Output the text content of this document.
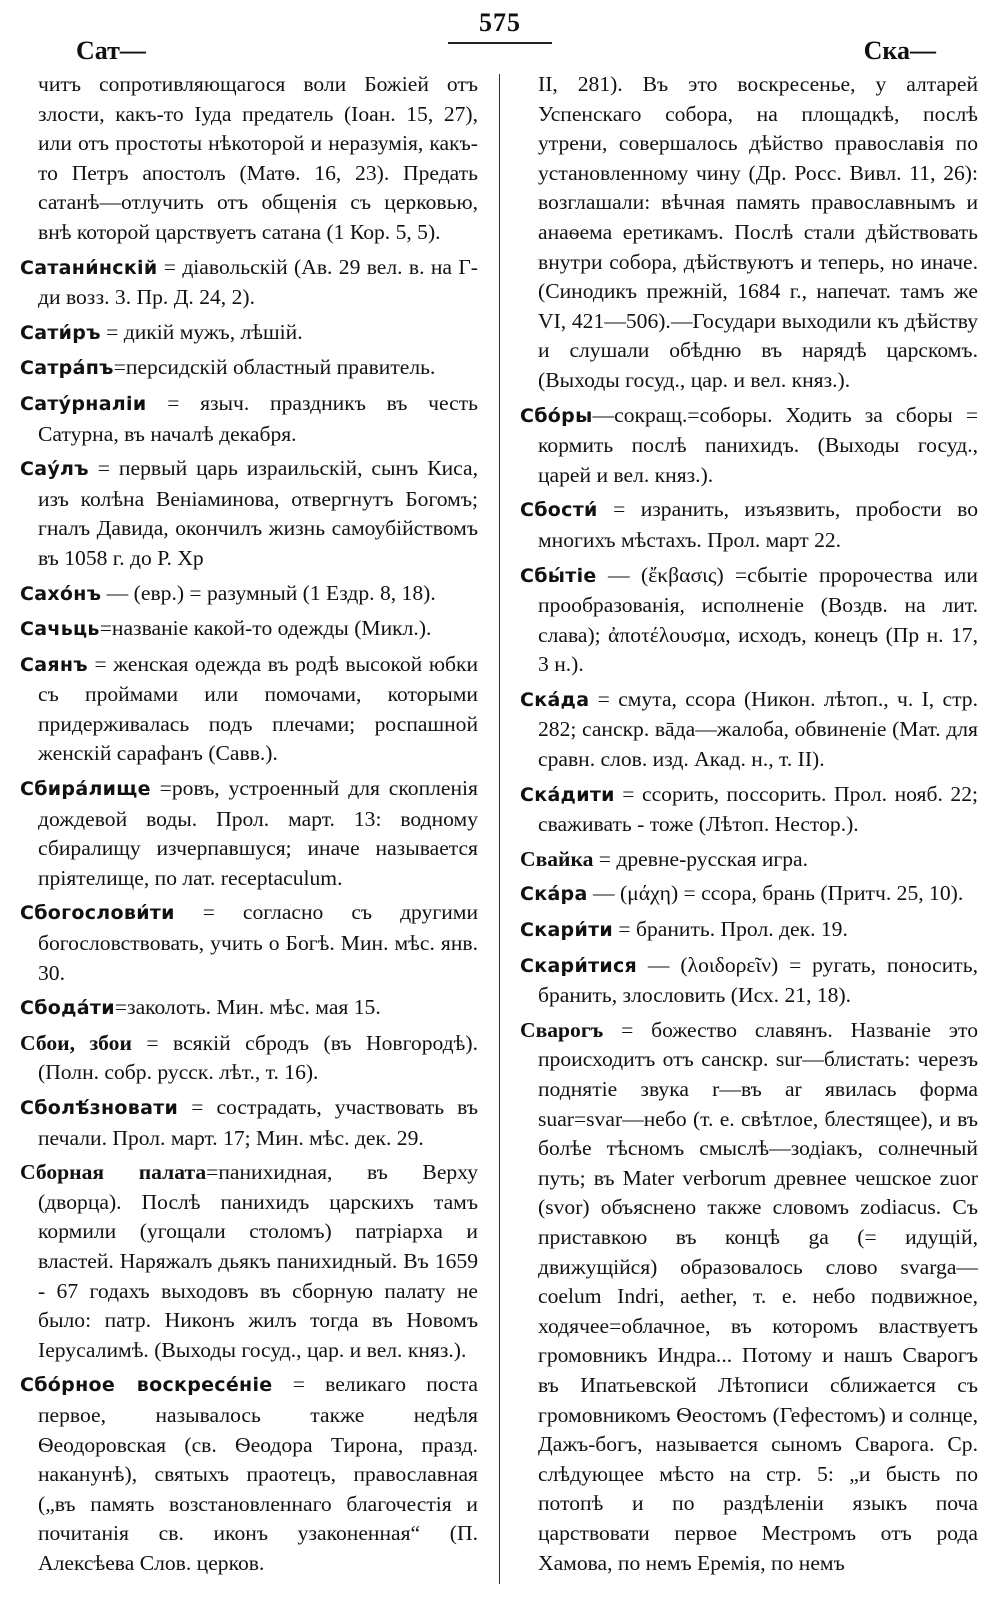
575
Сат—	Ска—

читъ сопротивляющагося воли Божіей отъ злости, какъ-то Іуда предатель (Іоан. 15, 27), или отъ простоты нѣкоторой и неразумія, какъ-то Петръ апостолъ (Матѳ. 16, 23). Предать сатанѣ—отлучить отъ общенія съ церковью, внѣ которой царствуетъ сатана (1 Кор. 5, 5).

Сатани́нскій = діавольскій (Ав. 29 вел. в. на Г-ди возз. 3. Пр. Д. 24, 2).

Сати́ръ = дикій мужъ, лѣшій.

Сатра́пъ=персидскій областный правитель.

Сату́рналіи = языч. праздникъ въ честь Сатурна, въ началѣ декабря.

Сау́лъ = первый царь израильскій, сынъ Киса, изъ колѣна Веніаминова, отвергнутъ Богомъ; гналъ Давида, окончилъ жизнь самоубійствомъ въ 1058 г. до Р. Хр

Сахо́нъ — (евр.) = разумный (1 Ездр. 8, 18).

Сачьць=названіе какой-то одежды (Микл.).

Саянъ = женская одежда въ родѣ высокой юбки съ проймами или помочами, которыми придерживалась подъ плечами; роспашной женскій сарафанъ (Савв.).

Сбира́лище =ровъ, устроенный для скопленія дождевой воды. Прол. март. 13: водному сбиралищу изчерпавшуся; иначе называется пріятелище, по лат. receptaculum.

Сбогослови́ти = согласно съ другими богословствовать, учить о Богѣ. Мин. мѣс. янв. 30.

Сбода́ти=заколоть. Мин. мѣс. мая 15.

Сбои, збои = всякій сбродъ (въ Новгородѣ). (Полн. собр. русск. лѣт., т. 16).

Сболѣ́зновати = сострадать, участвовать въ печали. Прол. март. 17; Мин. мѣс. дек. 29.

Сборная палата=панихидная, въ Верху (дворца). Послѣ панихидъ царскихъ тамъ кормили (угощали столомъ) патріарха и властей. Наряжалъ дьякъ панихидный. Въ 1659 - 67 годахъ выходовъ въ сборную палату не было: патр. Никонъ жилъ тогда въ Новомъ Іерусалимѣ. (Выходы госуд., цар. и вел. княз.).

Сбо́рное воскресе́ніе = великаго поста первое, называлось также недѣля Ѳеодоровская (св. Ѳеодора Тирона, празд. наканунѣ), святыхъ праотецъ, православная („въ память возстановленнаго благочестія и почитанія св. иконъ узаконенная“ (П. Алексѣева Слов. церков.

II, 281). Въ это воскресенье, у алтарей Успенскаго собора, на площадкѣ, послѣ утрени, совершалось дѣйство православія по установленному чину (Др. Росс. Вивл. 11, 26): возглашали: вѣчная память православнымъ и анаѳема еретикамъ. Послѣ стали дѣйствовать внутри собора, дѣйствуютъ и теперь, но иначе. (Синодикъ прежній, 1684 г., напечат. тамъ же VI, 421—506).—Государи выходили къ дѣйству и слушали обѣдню въ нарядѣ царскомъ. (Выходы госуд., цар. и вел. княз.).

Сбо́ры—сокращ.=соборы. Ходить за сборы = кормить послѣ панихидъ. (Выходы госуд., царей и вел. княз.).

Сбости́ = изранить, изъязвить, пробости во многихъ мѣстахъ. Прол. март 22.

Сбы́тіе — (ἔκβασις) =сбытіе пророчества или прообразованія, исполненіе (Воздв. на лит. слава); ἀποτέλουσμα, исходъ, конецъ (Пр н. 17, 3 н.).

Ска́да = смута, ссора (Никон. лѣтоп., ч. I, стр. 282; санскр. вāда—жалоба, обвиненіе (Мат. для сравн. слов. изд. Акад. н., т. II).

Ска́дити = ссорить, поссорить. Прол. нояб. 22; сваживать - тоже (Лѣтоп. Нестор.).

Свайка = древне-русская игра.

Ска́ра — (μάχη) = ссора, брань (Притч. 25, 10).

Скари́ти = бранить. Прол. дек. 19.

Скари́тися — (λοιδορεῖν) = ругать, поносить, бранить, злословить (Исх. 21, 18).

Сварогъ = божество славянъ. Названіе это происходитъ отъ санскр. sur—блистать: черезъ поднятіе звука r—въ ar явилась форма suar=svar—небо (т. е. свѣтлое, блестящее), и въ болѣе тѣсномъ смыслѣ—зодіакъ, солнечный путь; въ Mater verborum древнее чешское zuor (svor) объяснено также словомъ zodiacus. Съ приставкою въ концѣ ga (= идущій, движущійся) образовалось слово svarga—coelum Indri, aether, т. е. небо подвижное, ходячее=облачное, въ которомъ властвуетъ громовникъ Индра... Потому и нашъ Сварогъ въ Ипатьевской Лѣтописи сближается съ громовникомъ Ѳеостомъ (Гефестомъ) и солнце, Дажъ-богъ, называется сыномъ Сварога. Ср. слѣдующее мѣсто на стр. 5: „и бысть по потопѣ и по раздѣленіи языкъ поча царствовати первое Местромъ отъ рода Хамова, по немъ Еремія, по немъ
